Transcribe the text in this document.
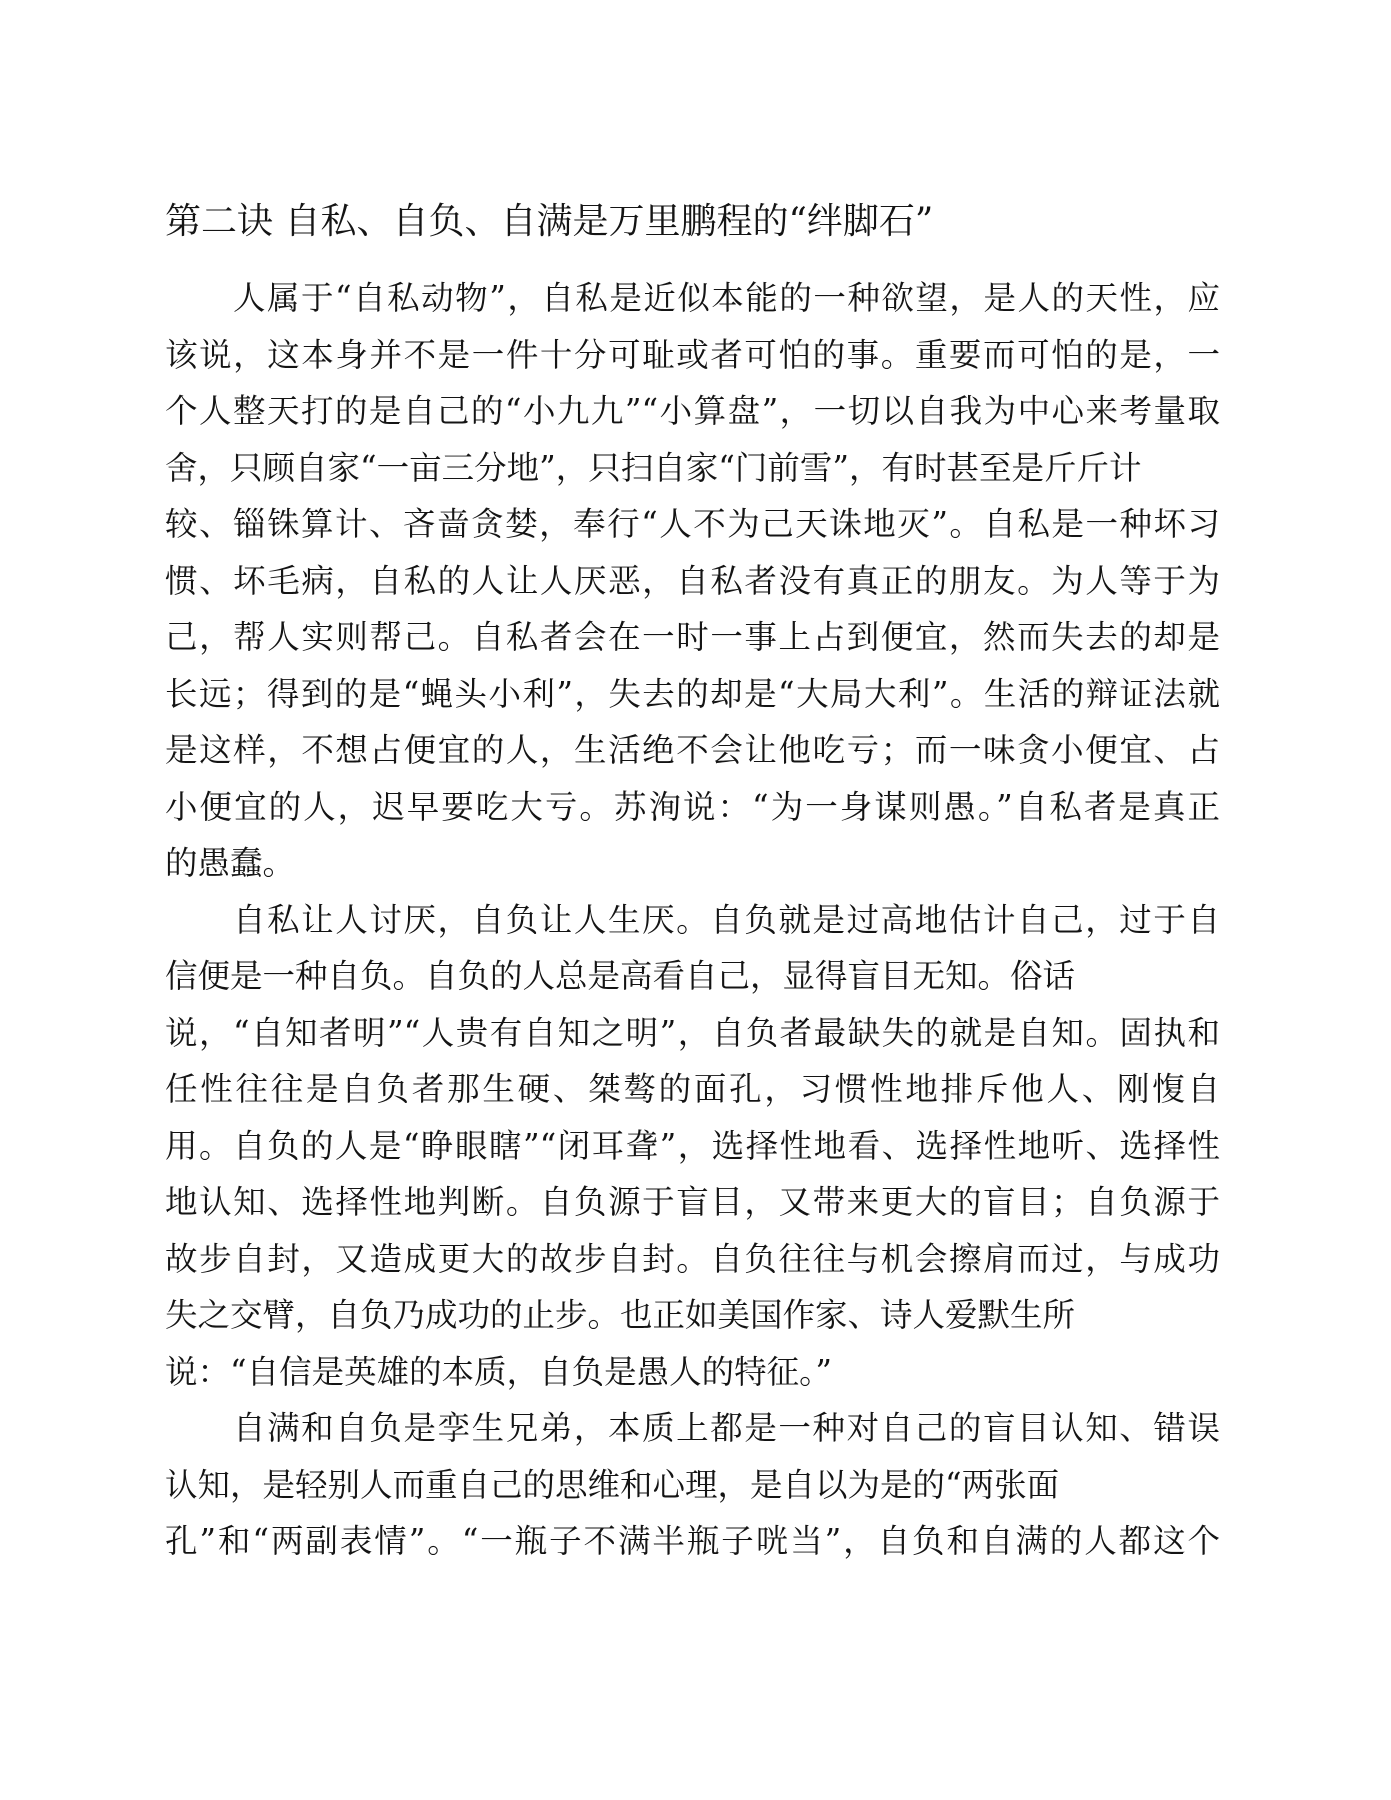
第二诀 自私、自负、自满是万里鹏程的“绊脚石”
人属于“自私动物”，自私是近似本能的一种欲望，是人的天性，应
该说，这本身并不是一件十分可耻或者可怕的事。重要而可怕的是，一
个人整天打的是自己的“小九九”“小算盘”，一切以自我为中心来考量取
舍，只顾自家“一亩三分地”，只扫自家“门前雪”，有时甚至是斤斤计
较、锱铢算计、吝啬贪婪，奉行“人不为己天诛地灭”。自私是一种坏习
惯、坏毛病，自私的人让人厌恶，自私者没有真正的朋友。为人等于为
己，帮人实则帮己。自私者会在一时一事上占到便宜，然而失去的却是
长远；得到的是“蝇头小利”，失去的却是“大局大利”。生活的辩证法就
是这样，不想占便宜的人，生活绝不会让他吃亏；而一味贪小便宜、占
小便宜的人，迟早要吃大亏。苏洵说：“为一身谋则愚。”自私者是真正
的愚蠢。
自私让人讨厌，自负让人生厌。自负就是过高地估计自己，过于自
信便是一种自负。自负的人总是高看自己，显得盲目无知。俗话
说，“自知者明”“人贵有自知之明”，自负者最缺失的就是自知。固执和
任性往往是自负者那生硬、桀骜的面孔，习惯性地排斥他人、刚愎自
用。自负的人是“睁眼瞎”“闭耳聋”，选择性地看、选择性地听、选择性
地认知、选择性地判断。自负源于盲目，又带来更大的盲目；自负源于
故步自封，又造成更大的故步自封。自负往往与机会擦肩而过，与成功
失之交臂，自负乃成功的止步。也正如美国作家、诗人爱默生所
说：“自信是英雄的本质，自负是愚人的特征。”
自满和自负是孪生兄弟，本质上都是一种对自己的盲目认知、错误
认知，是轻别人而重自己的思维和心理，是自以为是的“两张面
孔”和“两副表情”。“一瓶子不满半瓶子咣当”，自负和自满的人都这个
